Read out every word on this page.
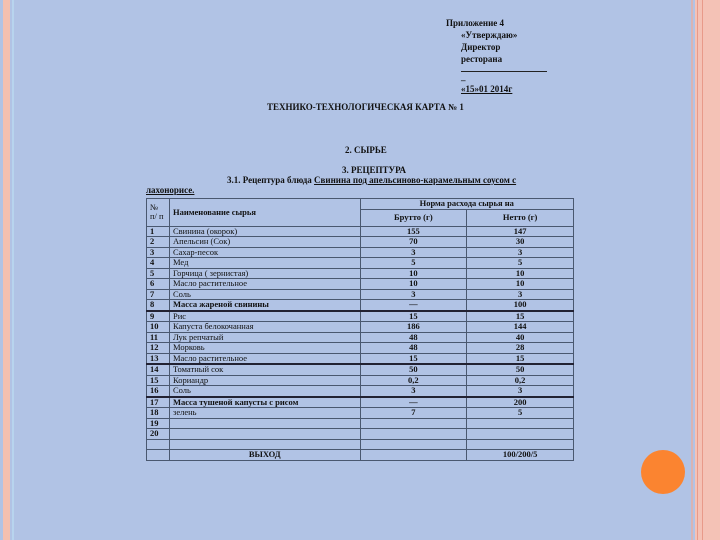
Приложение 4
«Утверждаю»
Директор
ресторана
_
«15»01 2014г
ТЕХНИКО-ТЕХНОЛОГИЧЕСКАЯ КАРТА № 1
2. СЫРЬЕ
3. РЕЦЕПТУРА
3.1. Рецептура блюда Свинина под апельсиново-карамельным соусом с
лахонорисе.
№ п/ п	Наименование сырья	Норма расхода сырья на	
		Брутто (г)	Нетто (г)
1	Свинина (окорок)	155	147
2	Апельсин (Сок)	70	30
3	Сахар-песок	3	3
4	Мед	5	5
5	Горчица ( зернистая)	10	10
6	Масло растительное	10	10
7	Соль	3	3
8	Масса жареной свинины	—	100
9	Рис	15	15
10	Капуста белокочанная	186	144
11	Лук репчатый	48	40
12	Морковь	48	28
13	Масло растительное	15	15
14	Томатный сок	50	50
15	Кориандр	0,2	0,2
16	Соль	3	3
17	Масса тушеной капусты с рисом	—	200
18	зелень	7	5
19			
20			

	ВЫХОД		100/200/5
